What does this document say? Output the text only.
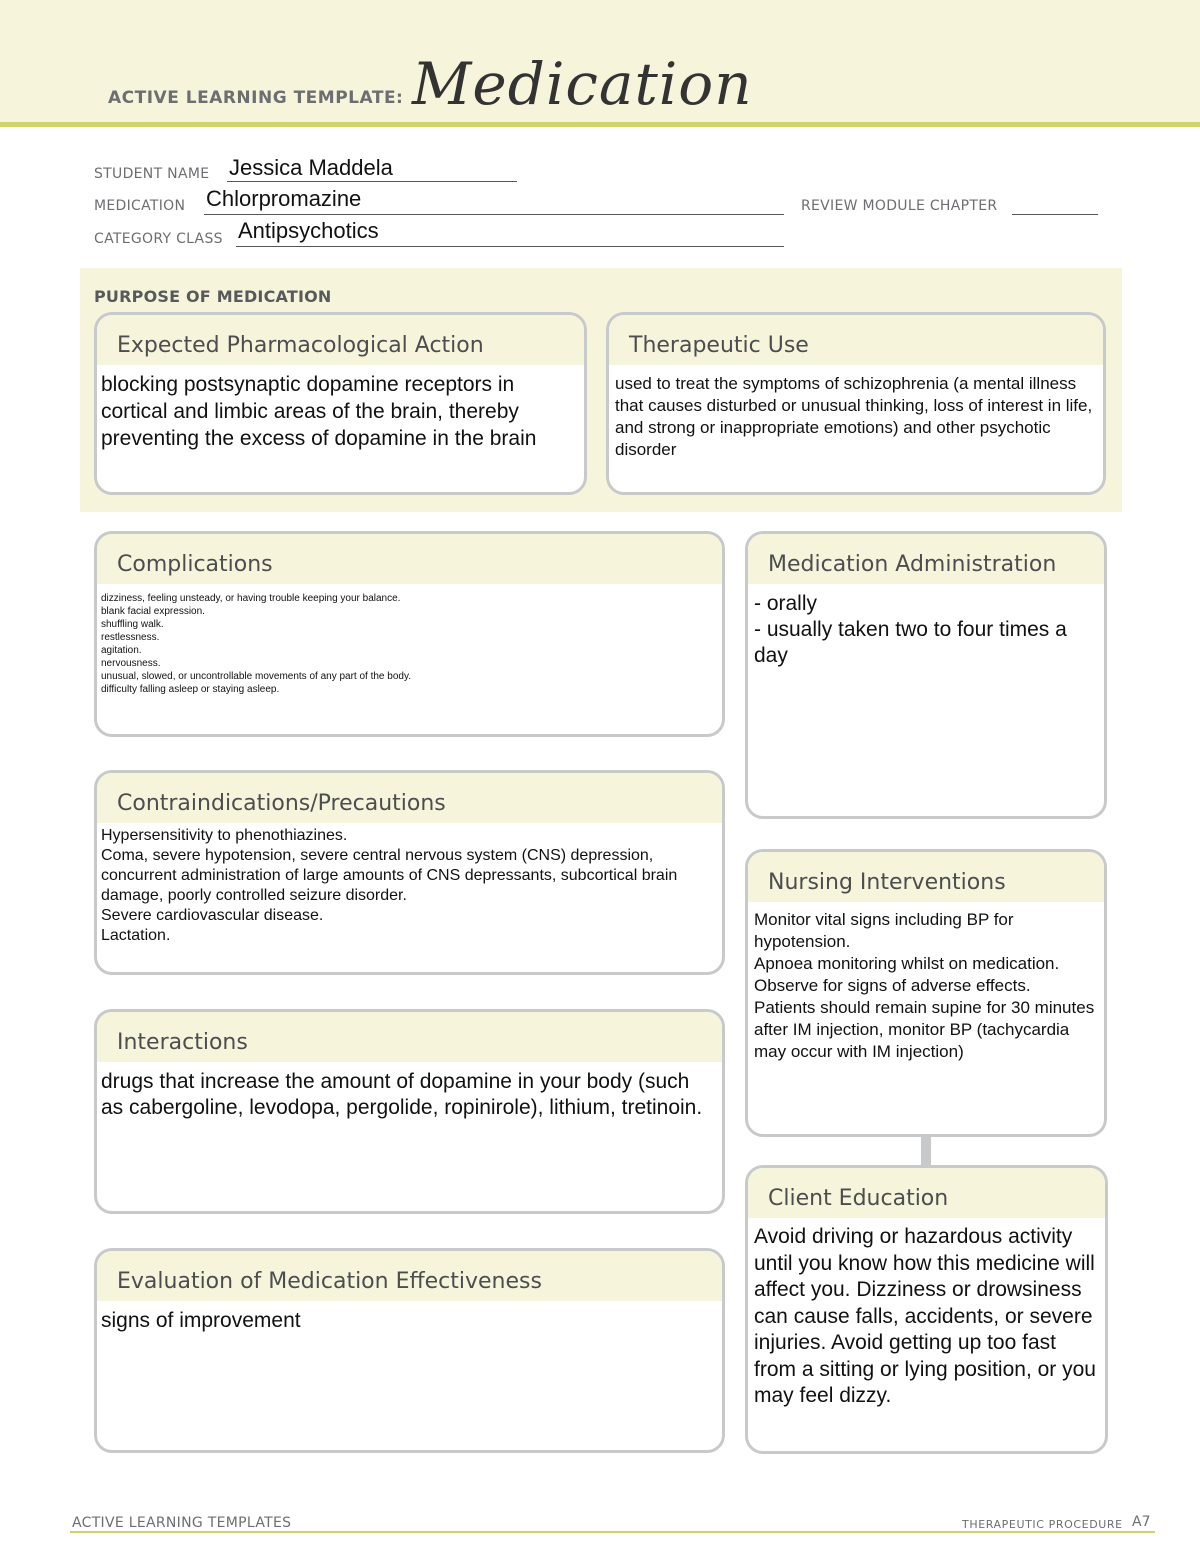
ACTIVE LEARNING TEMPLATE: Medication
STUDENT NAME Jessica Maddela
MEDICATION Chlorpromazine	REVIEW MODULE CHAPTER
CATEGORY CLASS Antipsychotics
PURPOSE OF MEDICATION
Expected Pharmacological Action
blocking postsynaptic dopamine receptors in cortical and limbic areas of the brain, thereby preventing the excess of dopamine in the brain
Therapeutic Use
used to treat the symptoms of schizophrenia (a mental illness that causes disturbed or unusual thinking, loss of interest in life, and strong or inappropriate emotions) and other psychotic disorder
Complications
dizziness, feeling unsteady, or having trouble keeping your balance.
blank facial expression.
shuffling walk.
restlessness.
agitation.
nervousness.
unusual, slowed, or uncontrollable movements of any part of the body.
difficulty falling asleep or staying asleep.
Medication Administration
- orally
- usually taken two to four times a day
Contraindications/Precautions
Hypersensitivity to phenothiazines.
Coma, severe hypotension, severe central nervous system (CNS) depression, concurrent administration of large amounts of CNS depressants, subcortical brain damage, poorly controlled seizure disorder.
Severe cardiovascular disease.
Lactation.
Nursing Interventions
Monitor vital signs including BP for hypotension.
Apnoea monitoring whilst on medication.
Observe for signs of adverse effects.
Patients should remain supine for 30 minutes after IM injection, monitor BP (tachycardia may occur with IM injection)
Interactions
drugs that increase the amount of dopamine in your body (such as cabergoline, levodopa, pergolide, ropinirole), lithium, tretinoin.
Client Education
Avoid driving or hazardous activity until you know how this medicine will affect you. Dizziness or drowsiness can cause falls, accidents, or severe injuries. Avoid getting up too fast from a sitting or lying position, or you may feel dizzy.
Evaluation of Medication Effectiveness
signs of improvement
ACTIVE LEARNING TEMPLATES	THERAPEUTIC PROCEDURE A7
